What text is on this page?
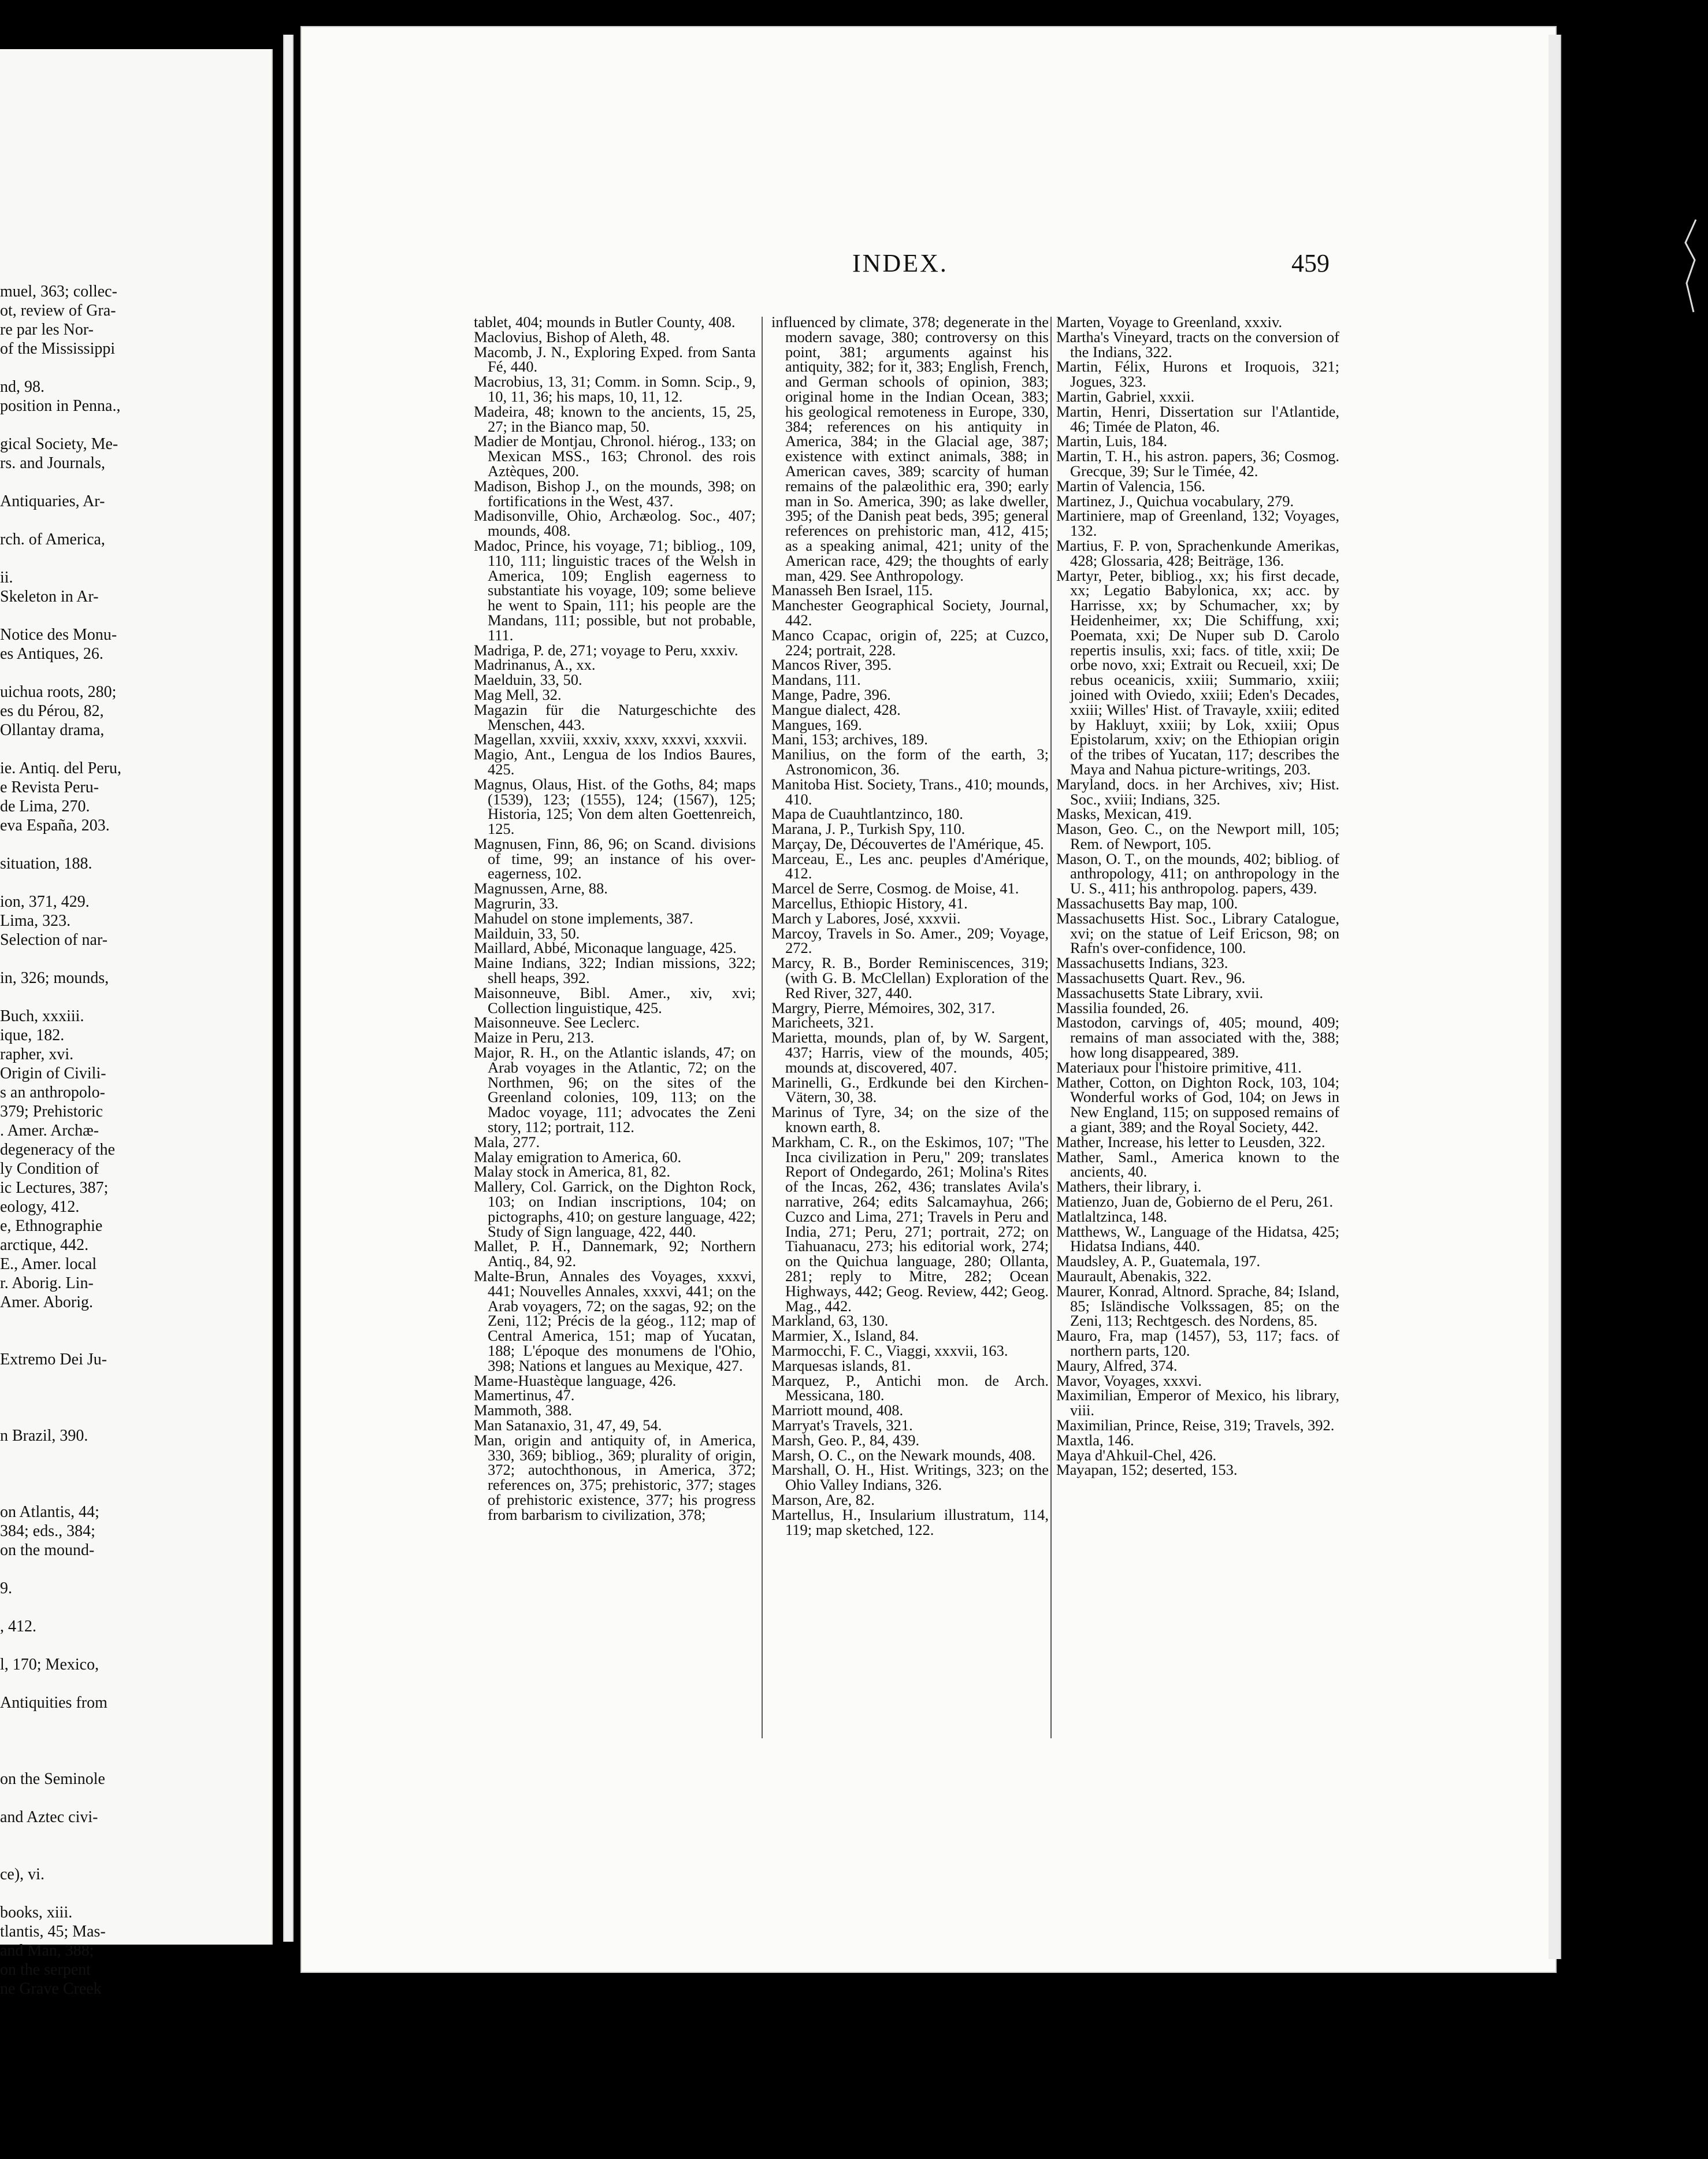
muel, 363; collec-
ot, review of Gra-
re par les Nor-
of the Mississippi
nd, 98.
position in Penna.,
gical Society, Me-
rs. and Journals,
Antiquaries, Ar-
rch. of America,
ii.
Skeleton in Ar-
Notice des Monu-
es Antiques, 26.
uichua roots, 280;
es du Pérou, 82,
Ollantay drama,
ie. Antiq. del Peru,
e Revista Peru-
de Lima, 270.
eva España, 203.
situation, 188.
ion, 371, 429.
Lima, 323.
Selection of nar-
in, 326; mounds,
Buch, xxxiii.
ique, 182.
rapher, xvi.
Origin of Civili-
s an anthropolo-
379; Prehistoric
. Amer. Archæ-
degeneracy of the
ly Condition of
ic Lectures, 387;
eology, 412.
e, Ethnographie
arctique, 442.
E., Amer. local
r. Aborig. Lin-
Amer. Aborig.
Extremo Dei Ju-
n Brazil, 390.
on Atlantis, 44;
384; eds., 384;
on the mound-
9.
, 412.
l, 170; Mexico,
Antiquities from
on the Seminole
and Aztec civi-
ce), vi.
books, xiii.
tlantis, 45; Mas-
and Man, 388;
on the serpent
ne Grave Creek
INDEX.	459

tablet, 404; mounds in Butler County, 408.

Maclovius, Bishop of Aleth, 48.

Macomb, J. N., Exploring Exped. from Santa Fé, 440.

Macrobius, 13, 31; Comm. in Somn. Scip., 9, 10, 11, 36; his maps, 10, 11, 12.

Madeira, 48; known to the ancients, 15, 25, 27; in the Bianco map, 50.

Madier de Montjau, Chronol. hiérog., 133; on Mexican MSS., 163; Chronol. des rois Aztèques, 200.

Madison, Bishop J., on the mounds, 398; on fortifications in the West, 437.

Madisonville, Ohio, Archæolog. Soc., 407; mounds, 408.

Madoc, Prince, his voyage, 71; bibliog., 109, 110, 111; linguistic traces of the Welsh in America, 109; English eagerness to substantiate his voyage, 109; some believe he went to Spain, 111; his people are the Mandans, 111; possible, but not probable, 111.

Madriga, P. de, 271; voyage to Peru, xxxiv.

Madrinanus, A., xx.

Maelduin, 33, 50.

Mag Mell, 32.

Magazin für die Naturgeschichte des Menschen, 443.

Magellan, xxviii, xxxiv, xxxv, xxxvi, xxxvii.

Magio, Ant., Lengua de los Indios Baures, 425.

Magnus, Olaus, Hist. of the Goths, 84; maps (1539), 123; (1555), 124; (1567), 125; Historia, 125; Von dem alten Goettenreich, 125.

Magnusen, Finn, 86, 96; on Scand. divisions of time, 99; an instance of his over-eagerness, 102.

Magnussen, Arne, 88.

Magrurin, 33.

Mahudel on stone implements, 387.

Mailduin, 33, 50.

Maillard, Abbé, Miconaque language, 425.

Maine Indians, 322; Indian missions, 322; shell heaps, 392.

Maisonneuve, Bibl. Amer., xiv, xvi; Collection linguistique, 425.

Maisonneuve. See Leclerc.

Maize in Peru, 213.

Major, R. H., on the Atlantic islands, 47; on Arab voyages in the Atlantic, 72; on the Northmen, 96; on the sites of the Greenland colonies, 109, 113; on the Madoc voyage, 111; advocates the Zeni story, 112; portrait, 112.

Mala, 277.

Malay emigration to America, 60.

Malay stock in America, 81, 82.

Mallery, Col. Garrick, on the Dighton Rock, 103; on Indian inscriptions, 104; on pictographs, 410; on gesture language, 422; Study of Sign language, 422, 440.

Mallet, P. H., Dannemark, 92; Northern Antiq., 84, 92.

Malte-Brun, Annales des Voyages, xxxvi, 441; Nouvelles Annales, xxxvi, 441; on the Arab voyagers, 72; on the sagas, 92; on the Zeni, 112; Précis de la géog., 112; map of Central America, 151; map of Yucatan, 188; L'époque des monumens de l'Ohio, 398; Nations et langues au Mexique, 427.

Mame-Huastèque language, 426.

Mamertinus, 47.

Mammoth, 388.

Man Satanaxio, 31, 47, 49, 54.

Man, origin and antiquity of, in America, 330, 369; bibliog., 369; plurality of origin, 372; autochthonous, in America, 372; references on, 375; prehistoric, 377; stages of prehistoric existence, 377; his progress from barbarism to civilization, 378;

influenced by climate, 378; degenerate in the modern savage, 380; controversy on this point, 381; arguments against his antiquity, 382; for it, 383; English, French, and German schools of opinion, 383; original home in the Indian Ocean, 383; his geological remoteness in Europe, 330, 384; references on his antiquity in America, 384; in the Glacial age, 387; existence with extinct animals, 388; in American caves, 389; scarcity of human remains of the palæolithic era, 390; early man in So. America, 390; as lake dweller, 395; of the Danish peat beds, 395; general references on prehistoric man, 412, 415; as a speaking animal, 421; unity of the American race, 429; the thoughts of early man, 429. See Anthropology.

Manasseh Ben Israel, 115.

Manchester Geographical Society, Journal, 442.

Manco Ccapac, origin of, 225; at Cuzco, 224; portrait, 228.

Mancos River, 395.

Mandans, 111.

Mange, Padre, 396.

Mangue dialect, 428.

Mangues, 169.

Mani, 153; archives, 189.

Manilius, on the form of the earth, 3; Astronomicon, 36.

Manitoba Hist. Society, Trans., 410; mounds, 410.

Mapa de Cuauhtlantzinco, 180.

Marana, J. P., Turkish Spy, 110.

Marçay, De, Découvertes de l'Amérique, 45.

Marceau, E., Les anc. peuples d'Amérique, 412.

Marcel de Serre, Cosmog. de Moise, 41.

Marcellus, Ethiopic History, 41.

March y Labores, José, xxxvii.

Marcoy, Travels in So. Amer., 209; Voyage, 272.

Marcy, R. B., Border Reminiscences, 319; (with G. B. McClellan) Exploration of the Red River, 327, 440.

Margry, Pierre, Mémoires, 302, 317.

Maricheets, 321.

Marietta, mounds, plan of, by W. Sargent, 437; Harris, view of the mounds, 405; mounds at, discovered, 407.

Marinelli, G., Erdkunde bei den Kirchen-Vätern, 30, 38.

Marinus of Tyre, 34; on the size of the known earth, 8.

Markham, C. R., on the Eskimos, 107; "The Inca civilization in Peru," 209; translates Report of Ondegardo, 261; Molina's Rites of the Incas, 262, 436; translates Avila's narrative, 264; edits Salcamayhua, 266; Cuzco and Lima, 271; Travels in Peru and India, 271; Peru, 271; portrait, 272; on Tiahuanacu, 273; his editorial work, 274; on the Quichua language, 280; Ollanta, 281; reply to Mitre, 282; Ocean Highways, 442; Geog. Review, 442; Geog. Mag., 442.

Markland, 63, 130.

Marmier, X., Island, 84.

Marmocchi, F. C., Viaggi, xxxvii, 163.

Marquesas islands, 81.

Marquez, P., Antichi mon. de Arch. Messicana, 180.

Marriott mound, 408.

Marryat's Travels, 321.

Marsh, Geo. P., 84, 439.

Marsh, O. C., on the Newark mounds, 408.

Marshall, O. H., Hist. Writings, 323; on the Ohio Valley Indians, 326.

Marson, Are, 82.

Martellus, H., Insularium illustratum, 114, 119; map sketched, 122.

Marten, Voyage to Greenland, xxxiv.

Martha's Vineyard, tracts on the conversion of the Indians, 322.

Martin, Félix, Hurons et Iroquois, 321; Jogues, 323.

Martin, Gabriel, xxxii.

Martin, Henri, Dissertation sur l'Atlantide, 46; Timée de Platon, 46.

Martin, Luis, 184.

Martin, T. H., his astron. papers, 36; Cosmog. Grecque, 39; Sur le Timée, 42.

Martin of Valencia, 156.

Martinez, J., Quichua vocabulary, 279.

Martiniere, map of Greenland, 132; Voyages, 132.

Martius, F. P. von, Sprachenkunde Amerikas, 428; Glossaria, 428; Beiträge, 136.

Martyr, Peter, bibliog., xx; his first decade, xx; Legatio Babylonica, xx; acc. by Harrisse, xx; by Schumacher, xx; by Heidenheimer, xx; Die Schiffung, xxi; Poemata, xxi; De Nuper sub D. Carolo repertis insulis, xxi; facs. of title, xxii; De orbe novo, xxi; Extrait ou Recueil, xxi; De rebus oceanicis, xxiii; Summario, xxiii; joined with Oviedo, xxiii; Eden's Decades, xxiii; Willes' Hist. of Travayle, xxiii; edited by Hakluyt, xxiii; by Lok, xxiii; Opus Epistolarum, xxiv; on the Ethiopian origin of the tribes of Yucatan, 117; describes the Maya and Nahua picture-writings, 203.

Maryland, docs. in her Archives, xiv; Hist. Soc., xviii; Indians, 325.

Masks, Mexican, 419.

Mason, Geo. C., on the Newport mill, 105; Rem. of Newport, 105.

Mason, O. T., on the mounds, 402; bibliog. of anthropology, 411; on anthropology in the U. S., 411; his anthropolog. papers, 439.

Massachusetts Bay map, 100.

Massachusetts Hist. Soc., Library Catalogue, xvi; on the statue of Leif Ericson, 98; on Rafn's over-confidence, 100.

Massachusetts Indians, 323.

Massachusetts Quart. Rev., 96.

Massachusetts State Library, xvii.

Massilia founded, 26.

Mastodon, carvings of, 405; mound, 409; remains of man associated with the, 388; how long disappeared, 389.

Materiaux pour l'histoire primitive, 411.

Mather, Cotton, on Dighton Rock, 103, 104; Wonderful works of God, 104; on Jews in New England, 115; on supposed remains of a giant, 389; and the Royal Society, 442.

Mather, Increase, his letter to Leusden, 322.

Mather, Saml., America known to the ancients, 40.

Mathers, their library, i.

Matienzo, Juan de, Gobierno de el Peru, 261.

Matlaltzinca, 148.

Matthews, W., Language of the Hidatsa, 425; Hidatsa Indians, 440.

Maudsley, A. P., Guatemala, 197.

Maurault, Abenakis, 322.

Maurer, Konrad, Altnord. Sprache, 84; Island, 85; Isländische Volkssagen, 85; on the Zeni, 113; Rechtgesch. des Nordens, 85.

Mauro, Fra, map (1457), 53, 117; facs. of northern parts, 120.

Maury, Alfred, 374.

Mavor, Voyages, xxxvi.

Maximilian, Emperor of Mexico, his library, viii.

Maximilian, Prince, Reise, 319; Travels, 392.

Maxtla, 146.

Maya d'Ahkuil-Chel, 426.

Mayapan, 152; deserted, 153.
